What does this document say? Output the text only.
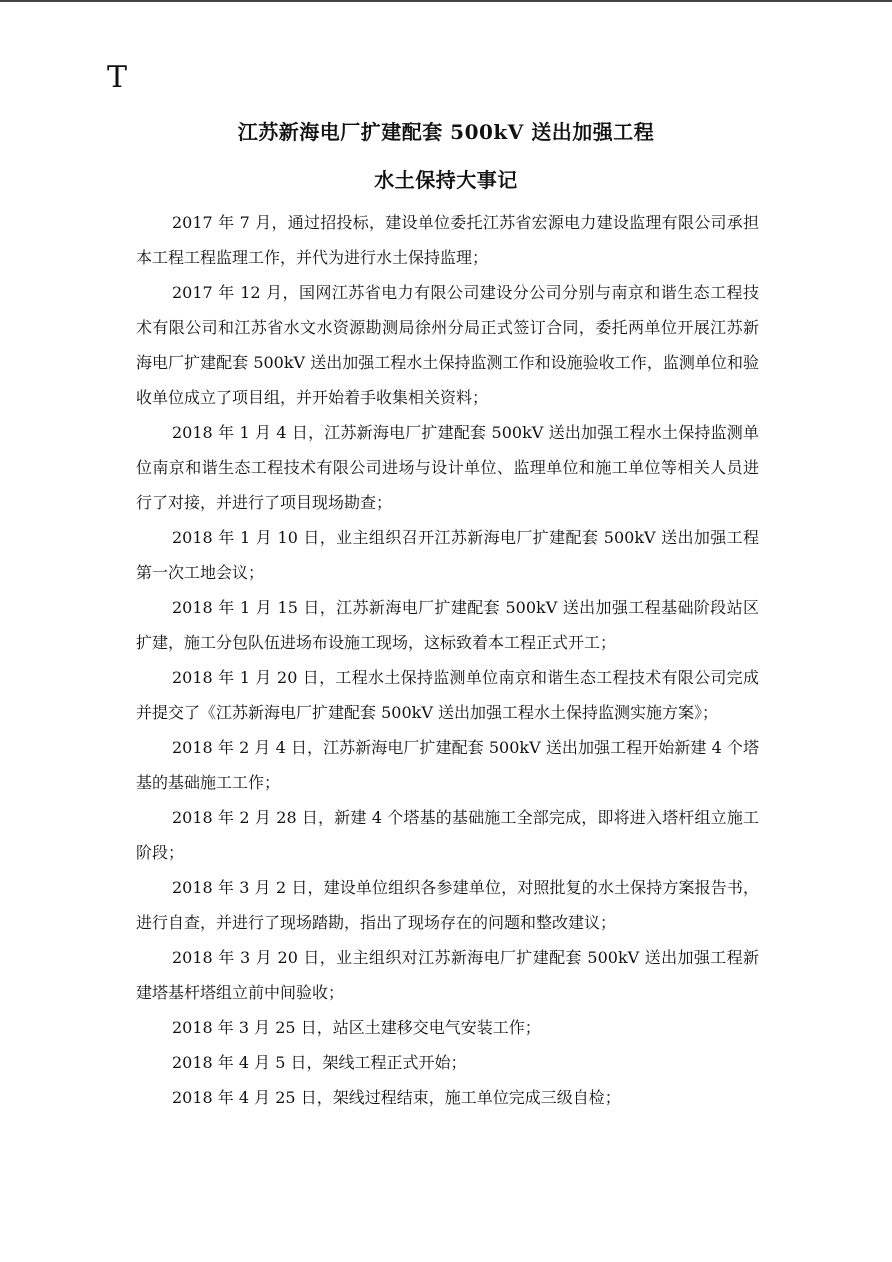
T
江苏新海电厂扩建配套 500kV 送出加强工程
水土保持大事记

2017 年 7 月，通过招投标，建设单位委托江苏省宏源电力建设监理有限公司承担本工程工程监理工作，并代为进行水土保持监理；

2017 年 12 月，国网江苏省电力有限公司建设分公司分别与南京和谐生态工程技术有限公司和江苏省水文水资源勘测局徐州分局正式签订合同，委托两单位开展江苏新海电厂扩建配套 500kV 送出加强工程水土保持监测工作和设施验收工作，监测单位和验收单位成立了项目组，并开始着手收集相关资料；

2018 年 1 月 4 日，江苏新海电厂扩建配套 500kV 送出加强工程水土保持监测单位南京和谐生态工程技术有限公司进场与设计单位、监理单位和施工单位等相关人员进行了对接，并进行了项目现场勘查；

2018 年 1 月 10 日，业主组织召开江苏新海电厂扩建配套 500kV 送出加强工程第一次工地会议；

2018 年 1 月 15 日，江苏新海电厂扩建配套 500kV 送出加强工程基础阶段站区扩建，施工分包队伍进场布设施工现场，这标致着本工程正式开工；

2018 年 1 月 20 日，工程水土保持监测单位南京和谐生态工程技术有限公司完成并提交了《江苏新海电厂扩建配套 500kV 送出加强工程水土保持监测实施方案》；

2018 年 2 月 4 日，江苏新海电厂扩建配套 500kV 送出加强工程开始新建 4 个塔基的基础施工工作；

2018 年 2 月 28 日，新建 4 个塔基的基础施工全部完成，即将进入塔杆组立施工阶段；

2018 年 3 月 2 日，建设单位组织各参建单位，对照批复的水土保持方案报告书，进行自查，并进行了现场踏勘，指出了现场存在的问题和整改建议；

2018 年 3 月 20 日，业主组织对江苏新海电厂扩建配套 500kV 送出加强工程新建塔基杆塔组立前中间验收；

2018 年 3 月 25 日，站区土建移交电气安装工作；

2018 年 4 月 5 日，架线工程正式开始；

2018 年 4 月 25 日，架线过程结束，施工单位完成三级自检；
